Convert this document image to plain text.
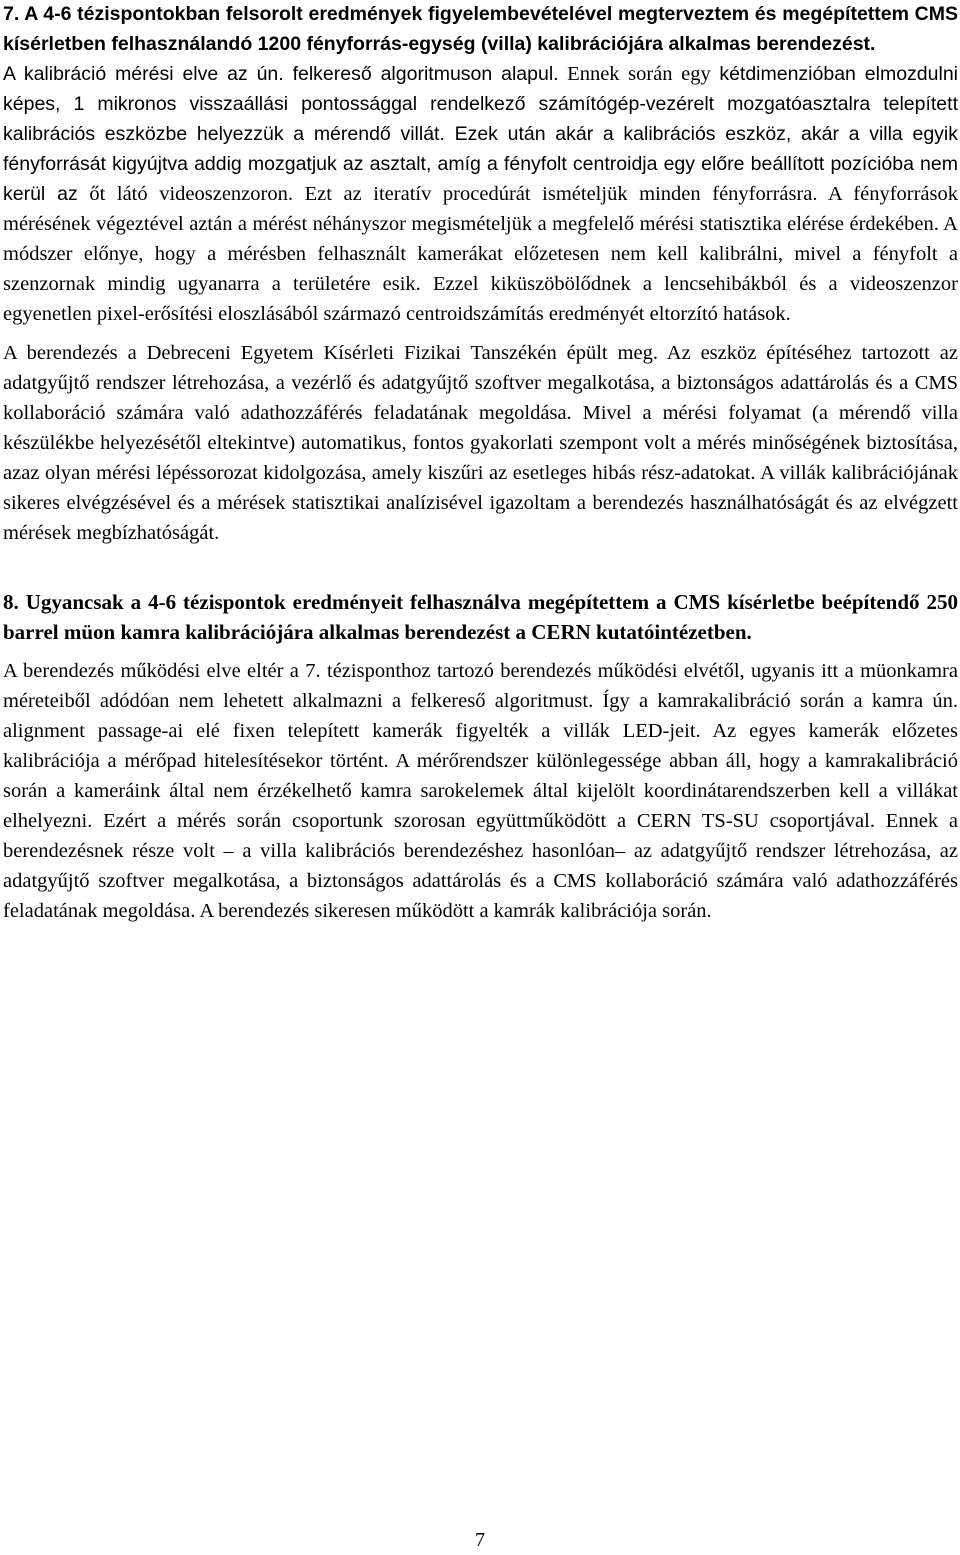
7. A 4-6 tézispontokban felsorolt eredmények figyelembevételével megterveztem és megépítettem CMS kísérletben felhasználandó 1200 fényforrás-egység (villa) kalibrációjára alkalmas berendezést.

A kalibráció mérési elve az ún. felkereső algoritmuson alapul. Ennek során egy kétdimenzióban elmozdulni képes, 1 mikronos visszaállási pontossággal rendelkező számítógép-vezérelt mozgatóasztalra telepített kalibrációs eszközbe helyezzük a mérendő villát. Ezek után akár a kalibrációs eszköz, akár a villa egyik fényforrását kigyújtva addig mozgatjuk az asztalt, amíg a fényfolt centroidja egy előre beállított pozícióba nem kerül az őt látó videoszenzoron. Ezt az iteratív procedúrát ismételjük minden fényforrásra. A fényforrások mérésének végeztével aztán a mérést néhányszor megismételjük a megfelelő mérési statisztika elérése érdekében. A módszer előnye, hogy a mérésben felhasznált kamerákat előzetesen nem kell kalibrálni, mivel a fényfolt a szenzornak mindig ugyanarra a területére esik. Ezzel kiküszöbölődnek a lencsehibákból és a videoszenzor egyenetlen pixel-erősítési eloszlásából származó centroidszámítás eredményét eltorzító hatások.

A berendezés a Debreceni Egyetem Kísérleti Fizikai Tanszékén épült meg. Az eszköz építéséhez tartozott az adatgyűjtő rendszer létrehozása, a vezérlő és adatgyűjtő szoftver megalkotása, a biztonságos adattárolás és a CMS kollaboráció számára való adathozzáférés feladatának megoldása. Mivel a mérési folyamat (a mérendő villa készülékbe helyezésétől eltekintve) automatikus, fontos gyakorlati szempont volt a mérés minőségének biztosítása, azaz olyan mérési lépéssorozat kidolgozása, amely kiszűri az esetleges hibás rész-adatokat. A villák kalibrációjának sikeres elvégzésével és a mérések statisztikai analízisével igazoltam a berendezés használhatóságát és az elvégzett mérések megbízhatóságát.

8. Ugyancsak a 4-6 tézispontok eredményeit felhasználva megépítettem a CMS kísérletbe beépítendő 250 barrel müon kamra kalibrációjára alkalmas berendezést a CERN kutatóintézetben.

A berendezés működési elve eltér a 7. tézisponthoz tartozó berendezés működési elvétől, ugyanis itt a müonkamra méreteiből adódóan nem lehetett alkalmazni a felkereső algoritmust. Így a kamrakalibráció során a kamra ún. alignment passage-ai elé fixen telepített kamerák figyelték a villák LED-jeit. Az egyes kamerák előzetes kalibrációja a mérőpad hitelesítésekor történt. A mérőrendszer különlegessége abban áll, hogy a kamrakalibráció során a kameráink által nem érzékelhető kamra sarokelemek által kijelölt koordinátarendszerben kell a villákat elhelyezni. Ezért a mérés során csoportunk szorosan együttműködött a CERN TS-SU csoportjával. Ennek a berendezésnek része volt – a villa kalibrációs berendezéshez hasonlóan– az adatgyűjtő rendszer létrehozása, az adatgyűjtő szoftver megalkotása, a biztonságos adattárolás és a CMS kollaboráció számára való adathozzáférés feladatának megoldása. A berendezés sikeresen működött a kamrák kalibrációja során.

7
